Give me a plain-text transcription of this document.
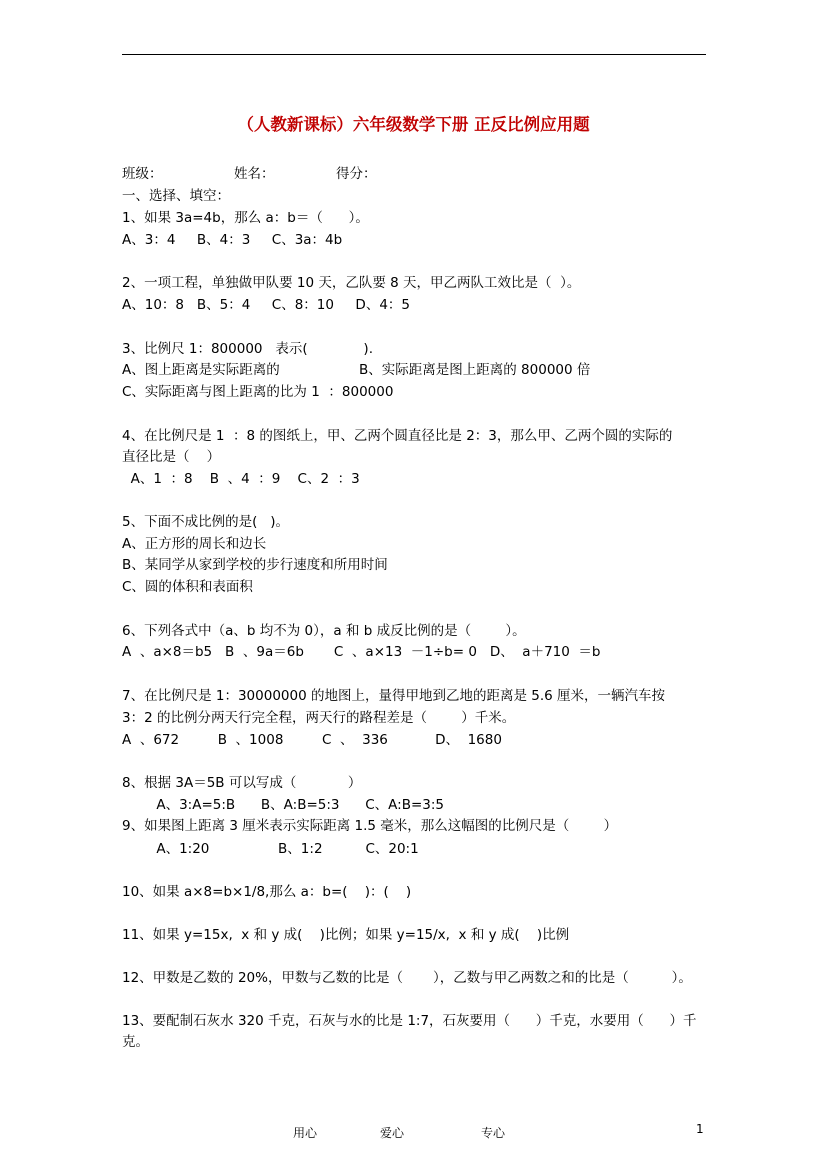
（人教新课标）六年级数学下册 正反比例应用题
班级：	姓名：	得分：
一、选择、填空：
1、如果 3a=4b，那么 a：b＝（      ）。
A、3：4     B、4：3     C、3a：4b
2、一项工程，单独做甲队要 10 天，乙队要 8 天，甲乙两队工效比是（  ）。
A、10：8   B、5：4     C、8：10     D、4：5
3、比例尺 1：800000   表示(             ).
A、图上距离是实际距离的	B、实际距离是图上距离的 800000 倍
C、实际距离与图上距离的比为 1  ：800000
4、在比例尺是 1  ：8 的图纸上，甲、乙两个圆直径比是 2：3，那么甲、乙两个圆的实际的
直径比是（    ）
A、1  ：8    B  、4  ：9    C、2  ：3
5、下面不成比例的是(   )。
A、正方形的周长和边长
B、某同学从家到学校的步行速度和所用时间
C、圆的体积和表面积
6、下列各式中（a、b 均不为 0），a 和 b 成反比例的是（        ）。
A  、a×8＝b5   B  、9a＝6b       C  、a×13  －1÷b= 0   D、  a＋710  ＝b
7、在比例尺是 1：30000000 的地图上，量得甲地到乙地的距离是 5.6 厘米，一辆汽车按
3：2 的比例分两天行完全程，两天行的路程差是（        ）千米。
A  、672         B  、1008         C  、  336           D、  1680
8、根据 3A＝5B 可以写成（            ）
A、3:A=5:B      B、A:B=5:3      C、A:B=3:5
9、如果图上距离 3 厘米表示实际距离 1.5 毫米，那么这幅图的比例尺是（        ）
A、1:20                B、1:2          C、20:1
10、如果 a×8=b×1/8,那么 a：b=(    )：(    )
11、如果 y=15x,  x 和 y 成(    )比例；如果 y=15/x,  x 和 y 成(    )比例
12、甲数是乙数的 20%，甲数与乙数的比是（       ），乙数与甲乙两数之和的比是（          ）。
13、要配制石灰水 320 千克，石灰与水的比是 1:7，石灰要用（      ）千克，水要用（      ）千
克。
用心	爱心	专心	1
